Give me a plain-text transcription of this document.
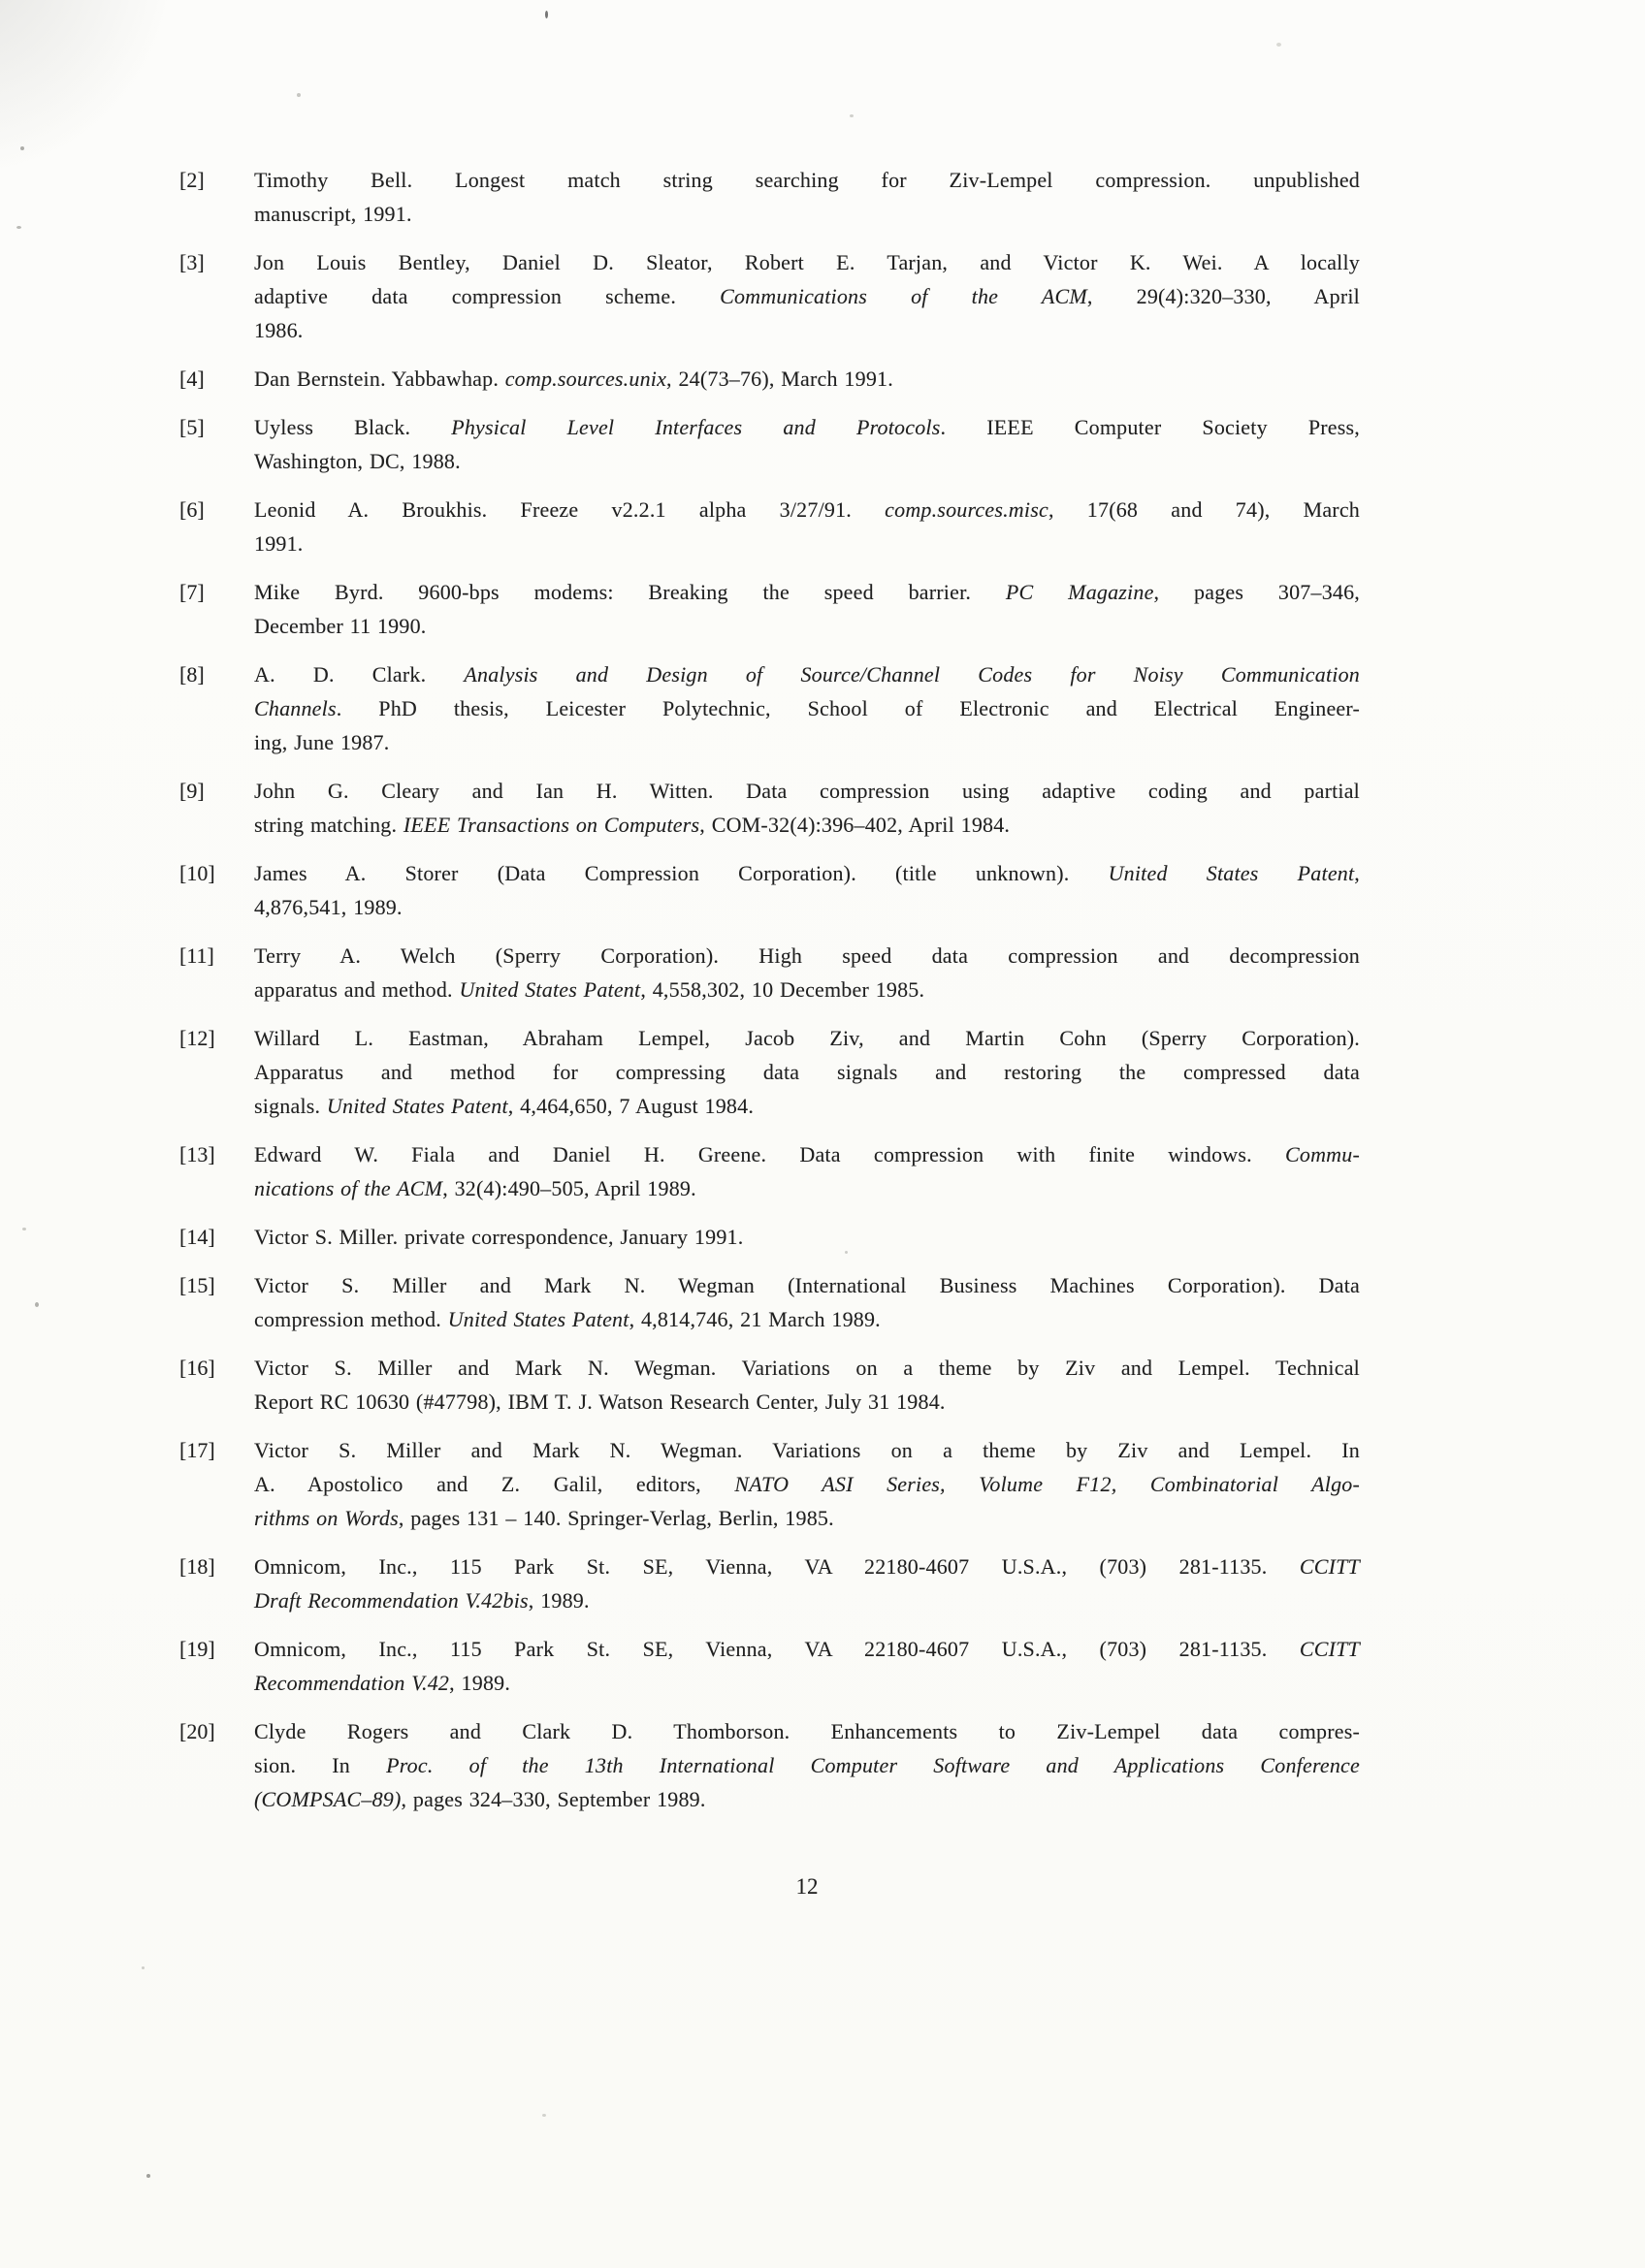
[2]	Timothy Bell. Longest match string searching for Ziv-Lempel compression. unpublished
manuscript, 1991.
[3]	Jon Louis Bentley, Daniel D. Sleator, Robert E. Tarjan, and Victor K. Wei. A locally
adaptive data compression scheme. Communications of the ACM, 29(4):320–330, April
1986.
[4]	Dan Bernstein. Yabbawhap. comp.sources.unix, 24(73–76), March 1991.
[5]	Uyless Black. Physical Level Interfaces and Protocols. IEEE Computer Society Press,
Washington, DC, 1988.
[6]	Leonid A. Broukhis. Freeze v2.2.1 alpha 3/27/91. comp.sources.misc, 17(68 and 74), March
1991.
[7]	Mike Byrd. 9600-bps modems: Breaking the speed barrier. PC Magazine, pages 307–346,
December 11 1990.
[8]	A. D. Clark. Analysis and Design of Source/Channel Codes for Noisy Communication
Channels. PhD thesis, Leicester Polytechnic, School of Electronic and Electrical Engineer-
ing, June 1987.
[9]	John G. Cleary and Ian H. Witten. Data compression using adaptive coding and partial
string matching. IEEE Transactions on Computers, COM-32(4):396–402, April 1984.
[10]	James A. Storer (Data Compression Corporation). (title unknown). United States Patent,
4,876,541, 1989.
[11]	Terry A. Welch (Sperry Corporation). High speed data compression and decompression
apparatus and method. United States Patent, 4,558,302, 10 December 1985.
[12]	Willard L. Eastman, Abraham Lempel, Jacob Ziv, and Martin Cohn (Sperry Corporation).
Apparatus and method for compressing data signals and restoring the compressed data
signals. United States Patent, 4,464,650, 7 August 1984.
[13]	Edward W. Fiala and Daniel H. Greene. Data compression with finite windows. Commu-
nications of the ACM, 32(4):490–505, April 1989.
[14]	Victor S. Miller. private correspondence, January 1991.
[15]	Victor S. Miller and Mark N. Wegman (International Business Machines Corporation). Data
compression method. United States Patent, 4,814,746, 21 March 1989.
[16]	Victor S. Miller and Mark N. Wegman. Variations on a theme by Ziv and Lempel. Technical
Report RC 10630 (#47798), IBM T. J. Watson Research Center, July 31 1984.
[17]	Victor S. Miller and Mark N. Wegman. Variations on a theme by Ziv and Lempel. In
A. Apostolico and Z. Galil, editors, NATO ASI Series, Volume F12, Combinatorial Algo-
rithms on Words, pages 131 – 140. Springer-Verlag, Berlin, 1985.
[18]	Omnicom, Inc., 115 Park St. SE, Vienna, VA 22180-4607 U.S.A., (703) 281-1135. CCITT
Draft Recommendation V.42bis, 1989.
[19]	Omnicom, Inc., 115 Park St. SE, Vienna, VA 22180-4607 U.S.A., (703) 281-1135. CCITT
Recommendation V.42, 1989.
[20]	Clyde Rogers and Clark D. Thomborson. Enhancements to Ziv-Lempel data compres-
sion. In Proc. of the 13th International Computer Software and Applications Conference
(COMPSAC–89), pages 324–330, September 1989.
12
